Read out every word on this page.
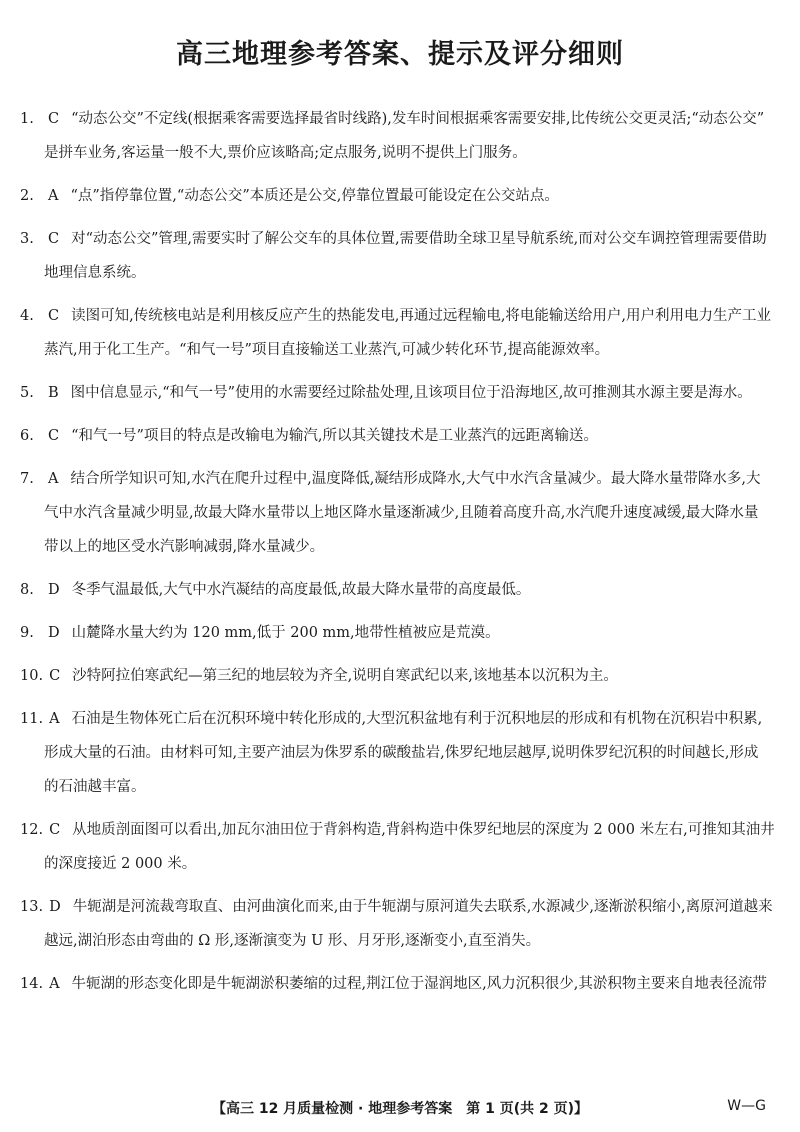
高三地理参考答案、提示及评分细则
1. C “动态公交”不定线(根据乘客需要选择最省时线路),发车时间根据乘客需要安排,比传统公交更灵活;“动态公交”
是拼车业务,客运量一般不大,票价应该略高;定点服务,说明不提供上门服务。
2. A “点”指停靠位置,“动态公交”本质还是公交,停靠位置最可能设定在公交站点。
3. C 对“动态公交”管理,需要实时了解公交车的具体位置,需要借助全球卫星导航系统,而对公交车调控管理需要借助
地理信息系统。
4. C 读图可知,传统核电站是利用核反应产生的热能发电,再通过远程输电,将电能输送给用户,用户利用电力生产工业
蒸汽,用于化工生产。“和气一号”项目直接输送工业蒸汽,可减少转化环节,提高能源效率。
5. B 图中信息显示,“和气一号”使用的水需要经过除盐处理,且该项目位于沿海地区,故可推测其水源主要是海水。
6. C “和气一号”项目的特点是改输电为输汽,所以其关键技术是工业蒸汽的远距离输送。
7. A 结合所学知识可知,水汽在爬升过程中,温度降低,凝结形成降水,大气中水汽含量减少。最大降水量带降水多,大
气中水汽含量减少明显,故最大降水量带以上地区降水量逐渐减少,且随着高度升高,水汽爬升速度减缓,最大降水量
带以上的地区受水汽影响减弱,降水量减少。
8. D 冬季气温最低,大气中水汽凝结的高度最低,故最大降水量带的高度最低。
9. D 山麓降水量大约为 120 mm,低于 200 mm,地带性植被应是荒漠。
10. C 沙特阿拉伯寒武纪—第三纪的地层较为齐全,说明自寒武纪以来,该地基本以沉积为主。
11. A 石油是生物体死亡后在沉积环境中转化形成的,大型沉积盆地有利于沉积地层的形成和有机物在沉积岩中积累,
形成大量的石油。由材料可知,主要产油层为侏罗系的碳酸盐岩,侏罗纪地层越厚,说明侏罗纪沉积的时间越长,形成
的石油越丰富。
12. C 从地质剖面图可以看出,加瓦尔油田位于背斜构造,背斜构造中侏罗纪地层的深度为 2 000 米左右,可推知其油井
的深度接近 2 000 米。
13. D 牛轭湖是河流裁弯取直、由河曲演化而来,由于牛轭湖与原河道失去联系,水源减少,逐渐淤积缩小,离原河道越来
越远,湖泊形态由弯曲的 Ω 形,逐渐演变为 U 形、月牙形,逐渐变小,直至消失。
14. A 牛轭湖的形态变化即是牛轭湖淤积萎缩的过程,荆江位于湿润地区,风力沉积很少,其淤积物主要来自地表径流带
【高三 12 月质量检测 · 地理参考答案　第 1 页(共 2 页)】	W—G
